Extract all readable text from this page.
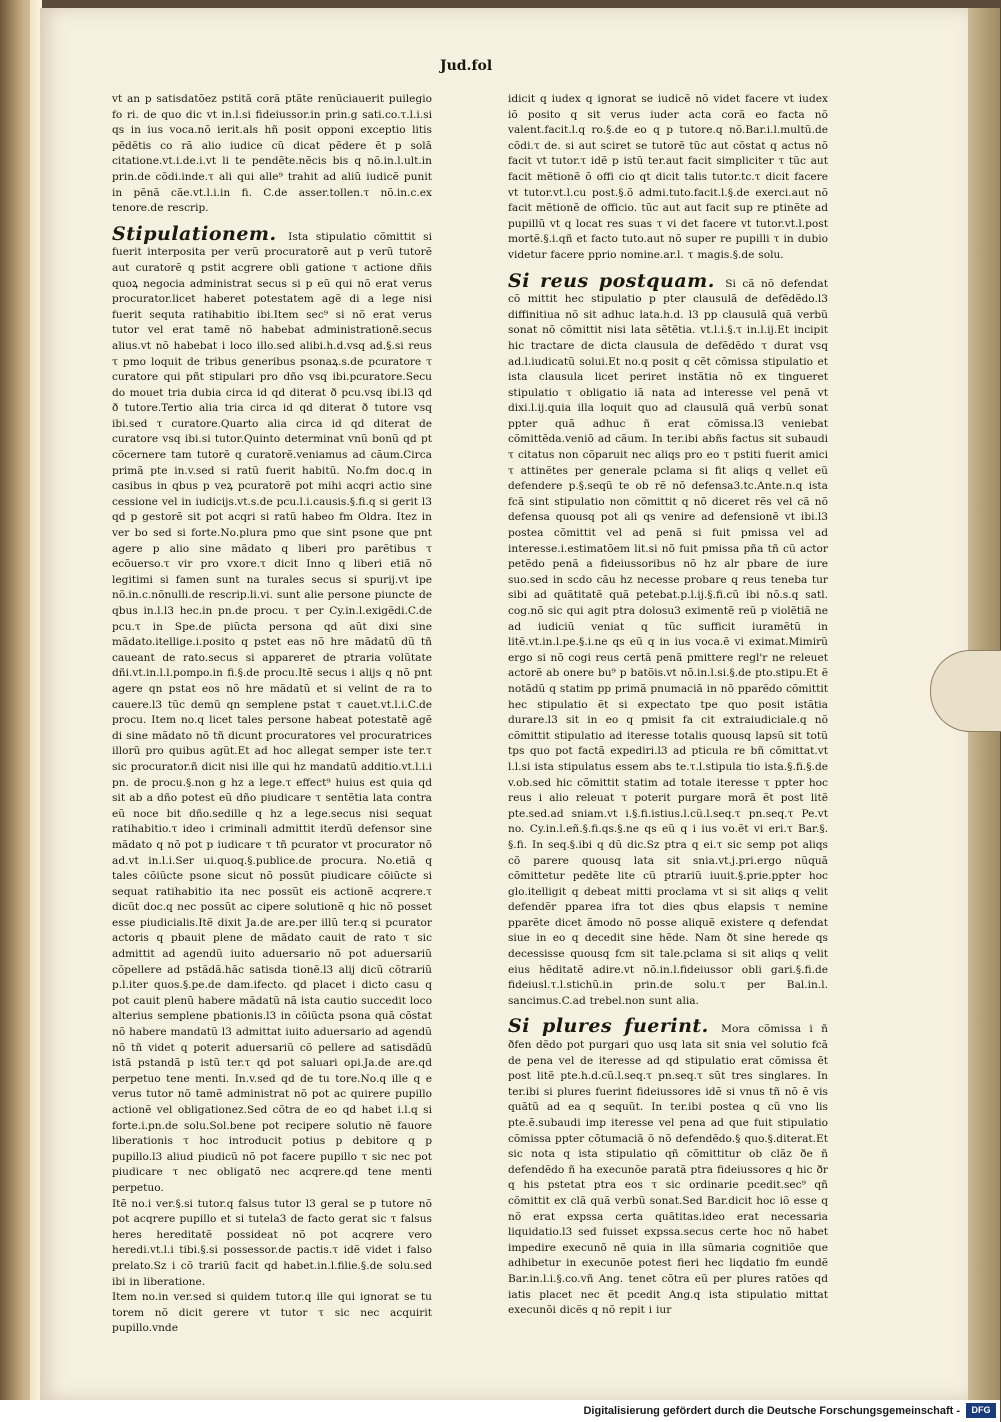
Jud.fol
vt an p satisdatõez pstitã corã ptãte renũciauerit puilegio fo ri. de quo dic vt in.l.si fideiussor.in prin.g sati.co.τ.l.i.si qs in ius voca.nõ ierit.als hñ posit opponi exceptio litis pẽdẽtis co rã alio iudice cũ dicat pẽdere ẽt p solã citatione.vt.i.de.i.vt li te pendẽte.nẽcis bis q nõ.in.l.ult.in prin.de cõdi.inde.τ ali qui alle⁹ trahit ad aliũ iudicẽ punit in pẽnã cãe.vt.l.i.in fi. C.de asser.tollen.τ nõ.in.c.ex tenore.de rescrip.
Stipulationem. Ista stipulatio cõmittit si fuerit interposita per verũ procuratorẽ aut p verũ tutorẽ aut curatorẽ q pstit acgrere obli gatione τ actione dñis quoꝝ negocia administrat secus si p eũ qui nõ erat verus procurator.licet haberet potestatem agẽ di a lege nisi fuerit sequta ratihabitio ibi.Item sec⁹ si nõ erat verus tutor vel erat tamẽ nõ habebat administrationẽ.secus alius.vt nõ habebat i loco illo.sed alibi.h.d.vsq ad.§.si reus τ pmo loquit de tribus generibus psonaꝝ.s.de pcuratore τ curatore qui pñt stipulari pro dño vsq ibi.pcuratore.Secu do mouet tria dubia circa id qd diterat ð pcu.vsq ibi.l3 qd ð tutore.Tertio alia tria circa id qd diterat ð tutore vsq ibi.sed τ curatore.Quarto alia circa id qd diterat de curatore vsq ibi.si tutor.Quinto determinat vnũ bonũ qd pt cõcernere tam tutorẽ q curatorẽ.veniamus ad cãum.Circa primã pte in.v.sed si ratũ fuerit habitũ. No.fm doc.q in casibus in qbus p veꝝ pcuratorẽ pot mihi acqri actio sine cessione vel in iudicijs.vt.s.de pcu.l.i.causis.§.fi.q si gerit l3 qd p gestorẽ sit pot acqri si ratũ habeo fm Oldra. Itez in ver bo sed si forte.No.plura pmo que sint psone que pnt agere p alio sine mãdato q liberi pro parẽtibus τ ecõuerso.τ vir pro vxore.τ dicit Inno q liberi etiã nõ legitimi si famen sunt na turales secus si spurij.vt ipe nõ.in.c.nõnulli.de rescrip.li.vi. sunt alie persone piuncte de qbus in.l.l3 hec.in pn.de procu. τ per Cy.in.l.exigẽdi.C.de pcu.τ in Spe.de piũcta persona qd aũt dixi sine mãdato.itellige.i.posito q pstet eas nõ hre mãdatũ dũ tñ caueant de rato.secus si appareret de ptraria volũtate dñi.vt.in.l.l.pompo.in fi.§.de procu.Itẽ secus i alijs q nõ pnt agere qn pstat eos nõ hre mãdatũ et si velint de ra to cauere.l3 tũc demũ qn semplene pstat τ cauet.vt.l.i.C.de procu. Item no.q licet tales persone habeat potestatẽ agẽ di sine mãdato nõ tñ dicunt procuratores vel procuratrices illorũ pro quibus agũt.Et ad hoc allegat semper iste ter.τ sic procurator.ñ dicit nisi ille qui hz mandatũ additio.vt.l.i.i pn. de procu.§.non g hz a lege.τ effect⁹ huius est quia qd sit ab a dño potest eũ dño piudicare τ sentẽtia lata contra eũ noce bit dño.sedille q hz a lege.secus nisi sequat ratihabitio.τ ideo i criminali admittit iterdũ defensor sine mãdato q nõ pot p iudicare τ tñ pcurator vt procurator nõ ad.vt in.l.i.Ser ui.quoq.§.publice.de procura. No.etiã q tales cõiũcte psone sicut nõ possũt piudicare cõiũcte si sequat ratihabitio ita nec possũt eis actionẽ acqrere.τ dicũt doc.q nec possũt ac cipere solutionẽ q hic nõ posset esse piudicialis.Itẽ dixit Ja.de are.per illũ ter.q si pcurator actoris q pbauit plene de mãdato cauit de rato τ sic admittit ad agendũ iuito aduersario nõ pot aduersariũ cõpellere ad pstãdã.hãc satisda tionẽ.l3 alij dicũ cõtrariũ p.l.iter quos.§.pe.de dam.ifecto. qd placet i dicto casu q pot cauit plenũ habere mãdatũ nã ista cautio succedit loco alterius semplene pbationis.l3 in cõiũcta psona quã cõstat nõ habere mandatũ l3 admittat iuito aduersario ad agendũ nõ tñ videt q poterit aduersariũ cõ pellere ad satisdãdũ istã pstandã p istũ ter.τ qd pot saluari opi.Ja.de are.qd perpetuo tene menti. In.v.sed qd de tu tore.No.q ille q e verus tutor nõ tamẽ administrat nõ pot ac quirere pupillo actionẽ vel obligationez.Sed cõtra de eo qd habet i.l.q si forte.i.pn.de solu.Sol.bene pot recipere solutio nẽ fauore liberationis τ hoc introducit potius p debitore q p pupillo.l3 aliud piudicũ nõ pot facere pupillo τ sic nec pot piudicare τ nec obligatõ nec acqrere.qd tene menti perpetuo.
Itẽ no.i ver.§.si tutor.q falsus tutor l3 geral se p tutore nõ pot acqrere pupillo et si tutela3 de facto gerat sic τ falsus heres hereditatẽ possideat nõ pot acqrere vero heredi.vt.l.i tibi.§.si possessor.de pactis.τ idẽ videt i falso prelato.Sz i cõ trariũ facit qd habet.in.l.filie.§.de solu.sed ibi in liberatione.
Item no.in ver.sed si quidem tutor.q ille qui ignorat se tu torem nõ dicit gerere vt tutor τ sic nec acquirit pupillo.vnde
idicit q iudex q ignorat se iudicẽ nõ videt facere vt iudex iõ posito q sit verus iuder acta corã eo facta nõ valent.facit.l.q ro.§.de eo q p tutore.q nõ.Bar.i.l.multũ.de cõdi.τ de. si aut sciret se tutorẽ tũc aut cõstat q actus nõ facit vt tutor.τ idẽ p istũ ter.aut facit simpliciter τ tũc aut facit mẽtionẽ õ offi cio qt dicit talis tutor.tc.τ dicit facere vt tutor.vt.l.cu post.§.õ admi.tuto.facit.l.§.de exerci.aut nõ facit mẽtionẽ de officio. tũc aut aut facit sup re ptinẽte ad pupillũ vt q locat res suas τ vi det facere vt tutor.vt.l.post mortẽ.§.i.qñ et facto tuto.aut nõ super re pupilli τ in dubio videtur facere pprio nomine.ar.l. τ magis.§.de solu.
Si reus postquam. Si cã nõ defendat cõ mittit hec stipulatio p pter clausulã de defẽdẽdo.l3 diffinitiua nõ sit adhuc lata.h.d. l3 pp clausulã quã verbũ sonat nõ cõmittit nisi lata sẽtẽtia. vt.l.i.§.τ in.l.ij.Et incipit hic tractare de dicta clausula de defẽdẽdo τ durat vsq ad.l.iudicatũ solui.Et no.q posit q cẽt cõmissa stipulatio et ista clausula licet periret instãtia nõ ex tingueret stipulatio τ obligatio iã nata ad interesse vel penã vt dixi.l.ij.quia illa loquit quo ad clausulã quã verbũ sonat ppter quã adhuc ñ erat cõmissa.l3 veniebat cõmittẽda.veniõ ad cãum. In ter.ibi abñs factus sit subaudi τ citatus non cõparuit nec aliqs pro eo τ pstiti fuerit amici τ attinẽtes per generale pclama si fit aliqs q vellet eũ defendere p.§.seqũ te ob rẽ nõ defensa3.tc.Ante.n.q ista fcã sint stipulatio non cõmittit q nõ diceret rẽs vel cã nõ defensa quousq pot ali qs venire ad defensionẽ vt ibi.l3 postea cõmittit vel ad penã si fuit pmissa vel ad interesse.i.estimatõem lit.si nõ fuit pmissa pña tñ cũ actor petẽdo penã a fideiussoribus nõ hz alr pbare de iure suo.sed in scdo cãu hz necesse probare q reus teneba tur sibi ad quãtitatẽ quã petebat.p.l.ij.§.fi.cũ ibi nõ.s.q satl. cog.nõ sic qui agit ptra dolosu3 eximentẽ reũ p violẽtiã ne ad iudiciũ veniat q tũc sufficit iuramẽtũ in litẽ.vt.in.l.pe.§.i.ne qs eũ q in ius voca.ẽ vi eximat.Mimirũ ergo si nõ cogi reus certã penã pmittere regl'r ne releuet actorẽ ab onere bu⁹ p batõis.vt nõ.in.l.si.§.de pto.stipu.Et ẽ notãdũ q statim pp primã pnumaciã in nõ pparẽdo cõmittit hec stipulatio ẽt si expectato tpe quo posit istãtia durare.l3 sit in eo q pmisit fa cit extraiudiciale.q nõ cõmittit stipulatio ad iteresse totalis quousq lapsũ sit totũ tps quo pot factã expediri.l3 ad pticula re bñ cõmittat.vt l.l.si ista stipulatus essem abs te.τ.l.stipula tio ista.§.fi.§.de v.ob.sed hic cõmittit statim ad totale iteresse τ ppter hoc reus i alio releuat τ poterit purgare morã ẽt post litẽ pte.sed.ad sniam.vt i.§.fi.istius.l.cũ.l.seq.τ pn.seq.τ Pe.vt no. Cy.in.l.eñ.§.fi.qs.§.ne qs eũ q i ius vo.ẽt vi eri.τ Bar.§. §.fi. In seq.§.ibi q dũ dic.Sz ptra q ei.τ sic semp pot aliqs cõ parere quousq lata sit snia.vt.j.pri.ergo nũquã cõmittetur pedẽte lite cũ ptrariũ iuuit.§.prie.ppter hoc glo.itelligit q debeat mitti proclama vt si sit aliqs q velit defendẽr pparea ifra tot dies qbus elapsis τ nemine pparẽte dicet ãmodo nõ posse aliquẽ existere q defendat siue in eo q decedit sine hẽde. Nam ðt sine herede qs decessisse quousq fcm sit tale.pclama si sit aliqs q velit eius hẽditatẽ adire.vt nõ.in.l.fideiussor obli gari.§.fi.de fideiusl.τ.l.stichũ.in prin.de solu.τ per Bal.in.l. sancimus.C.ad trebel.non sunt alia.
Si plures fuerint. Mora cõmissa i ñ ðfen dẽdo pot purgari quo usq lata sit snia vel solutio fcã de pena vel de iteresse ad qd stipulatio erat cõmissa ẽt post litẽ pte.h.d.cũ.l.seq.τ pn.seq.τ sũt tres singlares. In ter.ibi si plures fuerint fideiussores idẽ si vnus tñ nõ ẽ vis quãtũ ad ea q sequũt. In ter.ibi postea q cũ vno lis pte.ẽ.subaudi imp iteresse vel pena ad que fuit stipulatio cõmissa ppter cõtumaciã õ nõ defendẽdo.§ quo.§.diterat.Et sic nota q ista stipulatio qñ cõmittitur ob clãz ðe ñ defendẽdo ñ ha execunõe paratã ptra fideiussores q hic ðr q his pstetat ptra eos τ sic ordinarie pcedit.sec⁹ qñ cõmittit ex clã quã verbũ sonat.Sed Bar.dicit hoc iõ esse q nõ erat expssa certa quãtitas.ideo erat necessaria liquidatio.l3 sed fuisset expssa.secus certe hoc nõ habet impedire execunõ nẽ quia in illa sũmaria cognitiõe que adhibetur in execunõe potest fieri hec liqdatio fm eundẽ Bar.in.l.i.§.co.vñ Ang. tenet cõtra eũ per plures ratões qd iatis placet nec ẽt pcedit Ang.q ista stipulatio mittat execunõi dicẽs q nõ repit i iur
Digitalisierung gefördert durch die Deutsche Forschungsgemeinschaft -	DFG
